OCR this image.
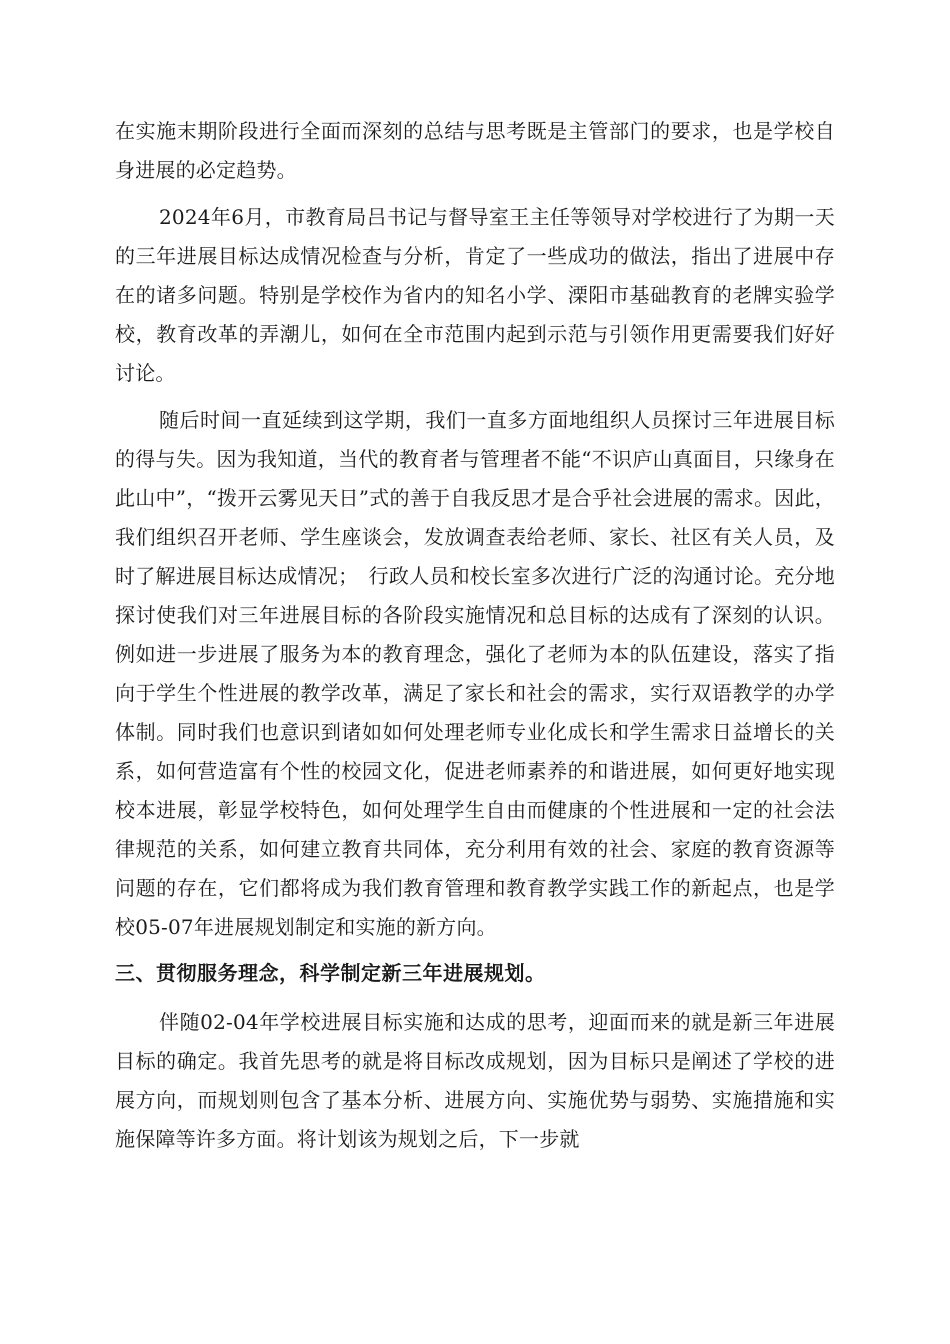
在实施末期阶段进行全面而深刻的总结与思考既是主管部门的要求，也是学校自身进展的必定趋势。

2024年6月，市教育局吕书记与督导室王主任等领导对学校进行了为期一天的三年进展目标达成情况检查与分析，肯定了一些成功的做法，指出了进展中存在的诸多问题。特别是学校作为省内的知名小学、溧阳市基础教育的老牌实验学校，教育改革的弄潮儿，如何在全市范围内起到示范与引领作用更需要我们好好讨论。

随后时间一直延续到这学期，我们一直多方面地组织人员探讨三年进展目标的得与失。因为我知道，当代的教育者与管理者不能“不识庐山真面目，只缘身在此山中”，“拨开云雾见天日”式的善于自我反思才是合乎社会进展的需求。因此，我们组织召开老师、学生座谈会，发放调查表给老师、家长、社区有关人员，及时了解进展目标达成情况；　行政人员和校长室多次进行广泛的沟通讨论。充分地探讨使我们对三年进展目标的各阶段实施情况和总目标的达成有了深刻的认识。例如进一步进展了服务为本的教育理念，强化了老师为本的队伍建设，落实了指向于学生个性进展的教学改革，满足了家长和社会的需求，实行双语教学的办学体制。同时我们也意识到诸如如何处理老师专业化成长和学生需求日益增长的关系，如何营造富有个性的校园文化，促进老师素养的和谐进展，如何更好地实现校本进展，彰显学校特色，如何处理学生自由而健康的个性进展和一定的社会法律规范的关系，如何建立教育共同体，充分利用有效的社会、家庭的教育资源等问题的存在，它们都将成为我们教育管理和教育教学实践工作的新起点，也是学校05-07年进展规划制定和实施的新方向。

三、贯彻服务理念，科学制定新三年进展规划。

伴随02-04年学校进展目标实施和达成的思考，迎面而来的就是新三年进展目标的确定。我首先思考的就是将目标改成规划，因为目标只是阐述了学校的进展方向，而规划则包含了基本分析、进展方向、实施优势与弱势、实施措施和实施保障等许多方面。将计划该为规划之后，下一步就
